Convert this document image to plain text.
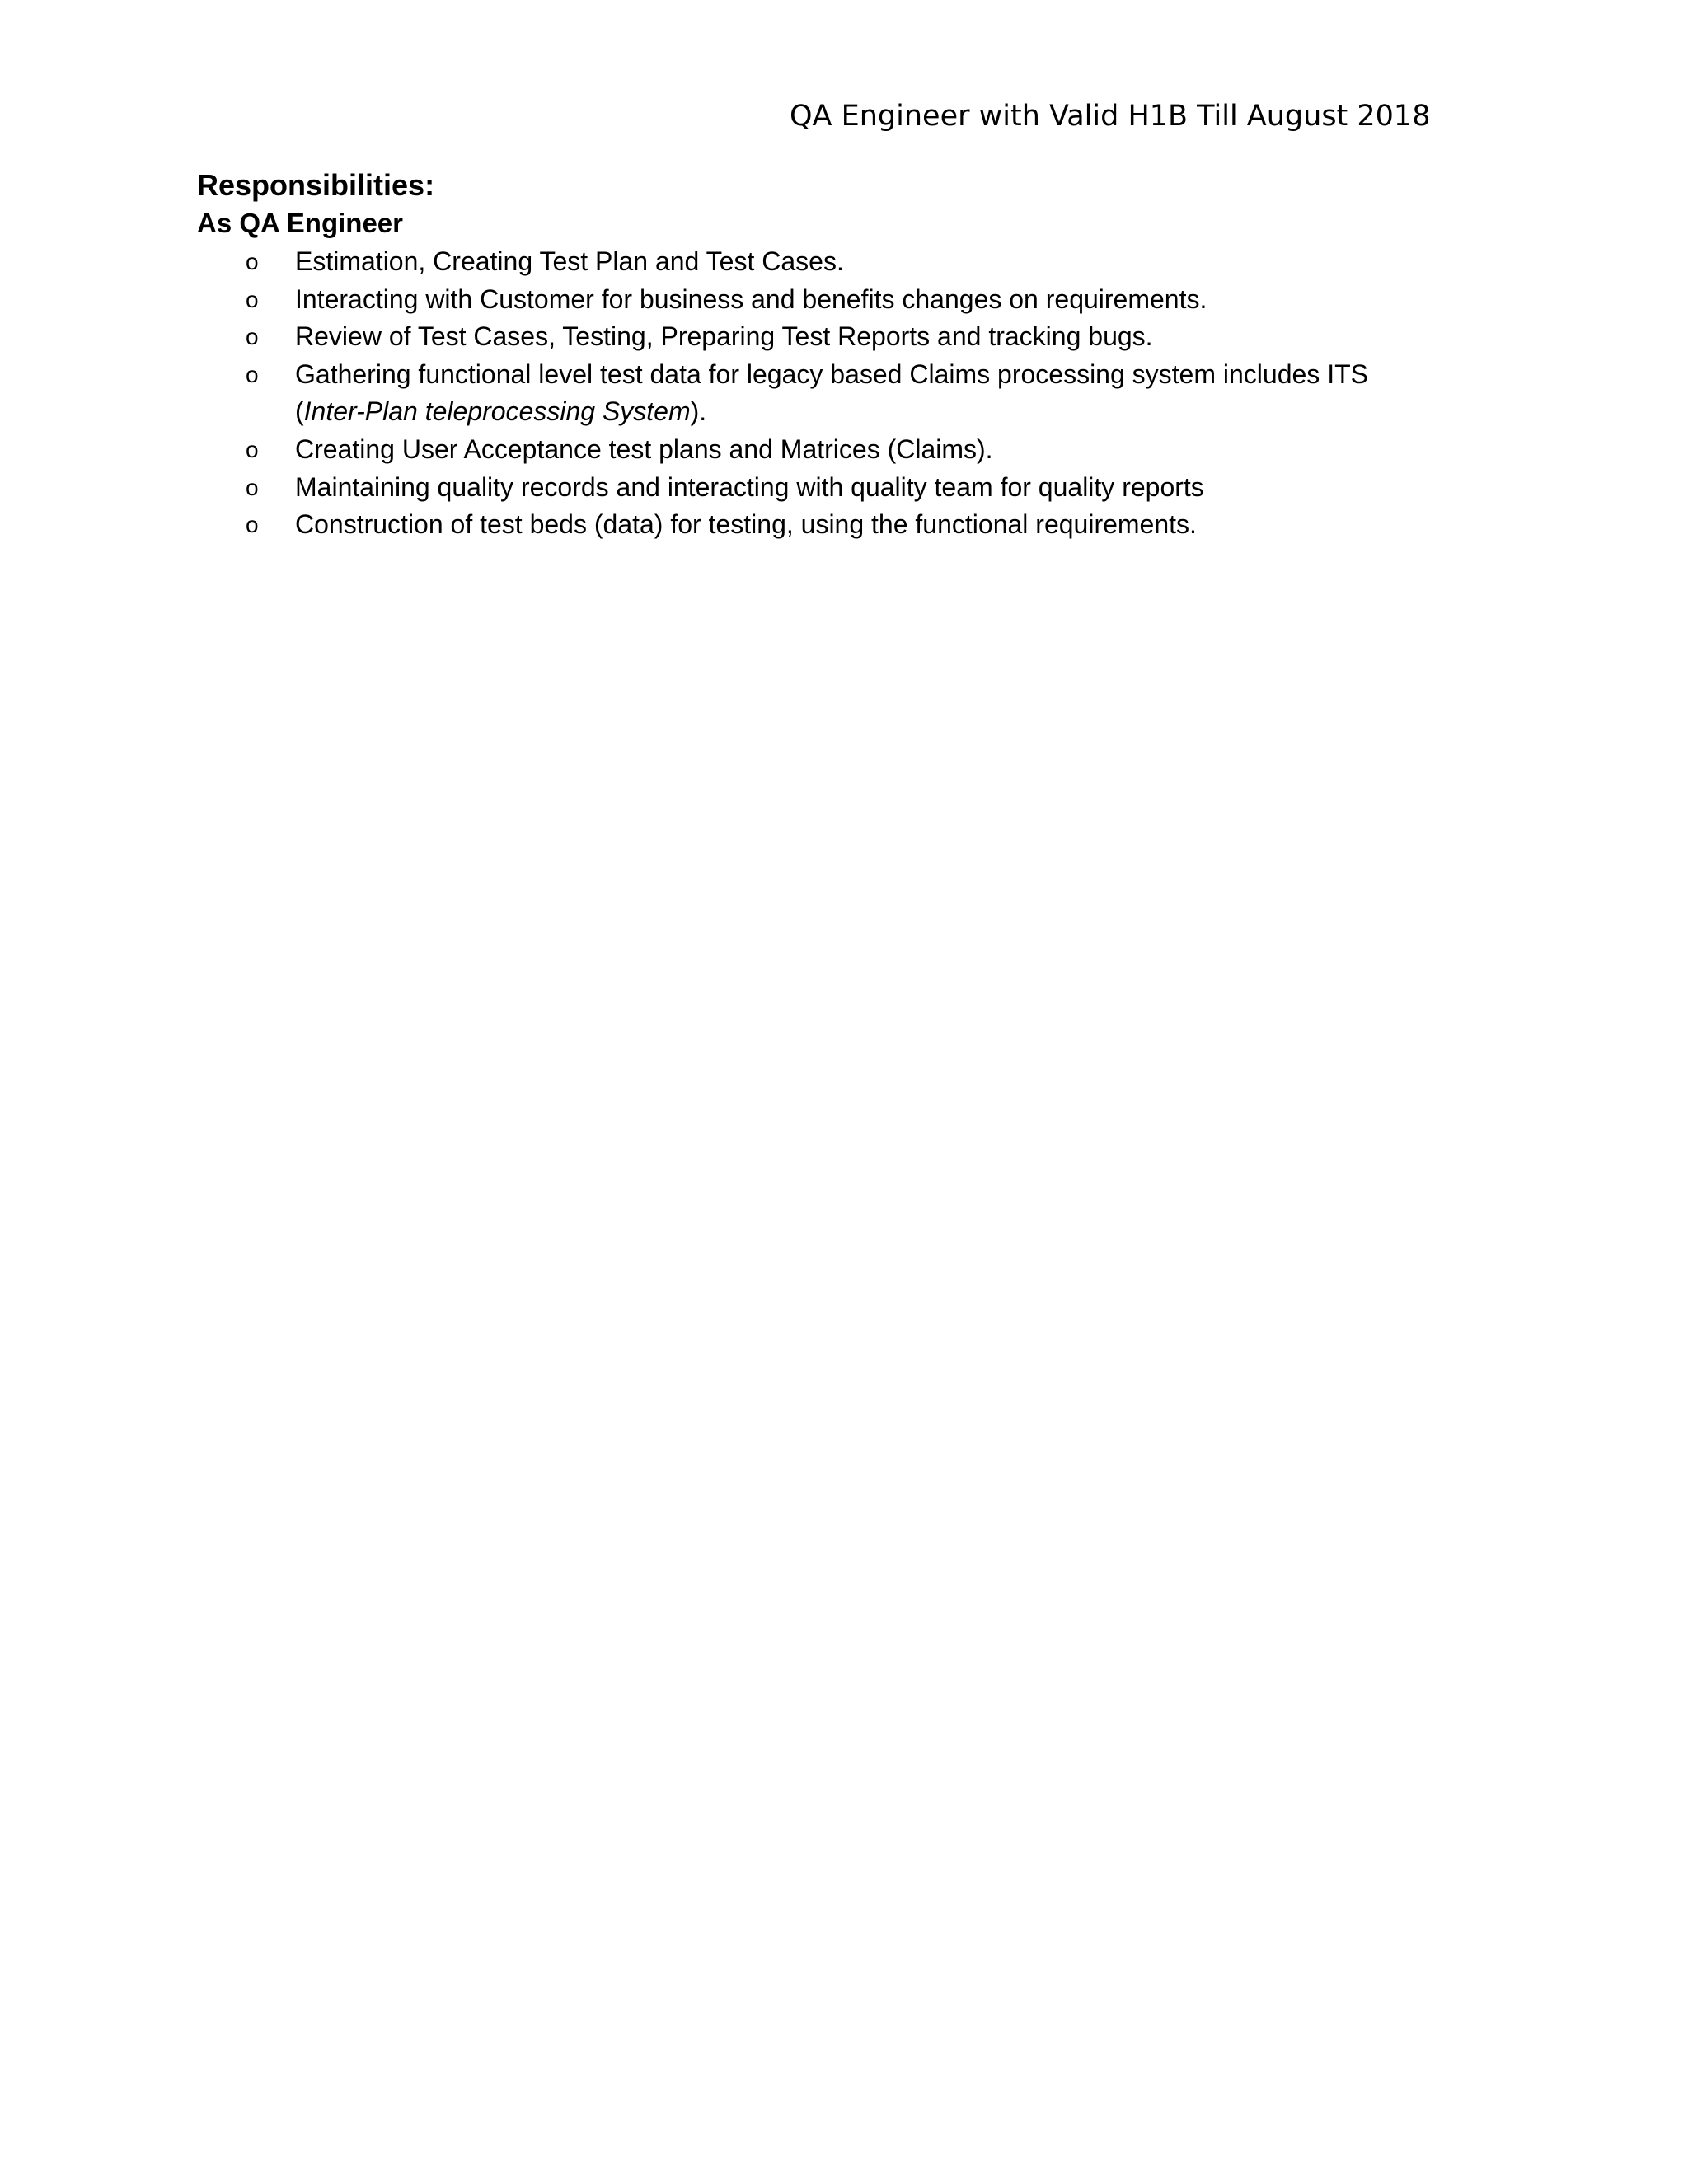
QA Engineer with Valid H1B Till August 2018
Responsibilities:
As QA Engineer
o Estimation, Creating Test Plan and Test Cases.
o Interacting with Customer for business and benefits changes on requirements.
o Review of Test Cases, Testing, Preparing Test Reports and tracking bugs.
o Gathering functional level test data for legacy based Claims processing system includes ITS
(Inter-Plan teleprocessing System).
o Creating User Acceptance test plans and Matrices (Claims).
o Maintaining quality records and interacting with quality team for quality reports
o Construction of test beds (data) for testing, using the functional requirements.
